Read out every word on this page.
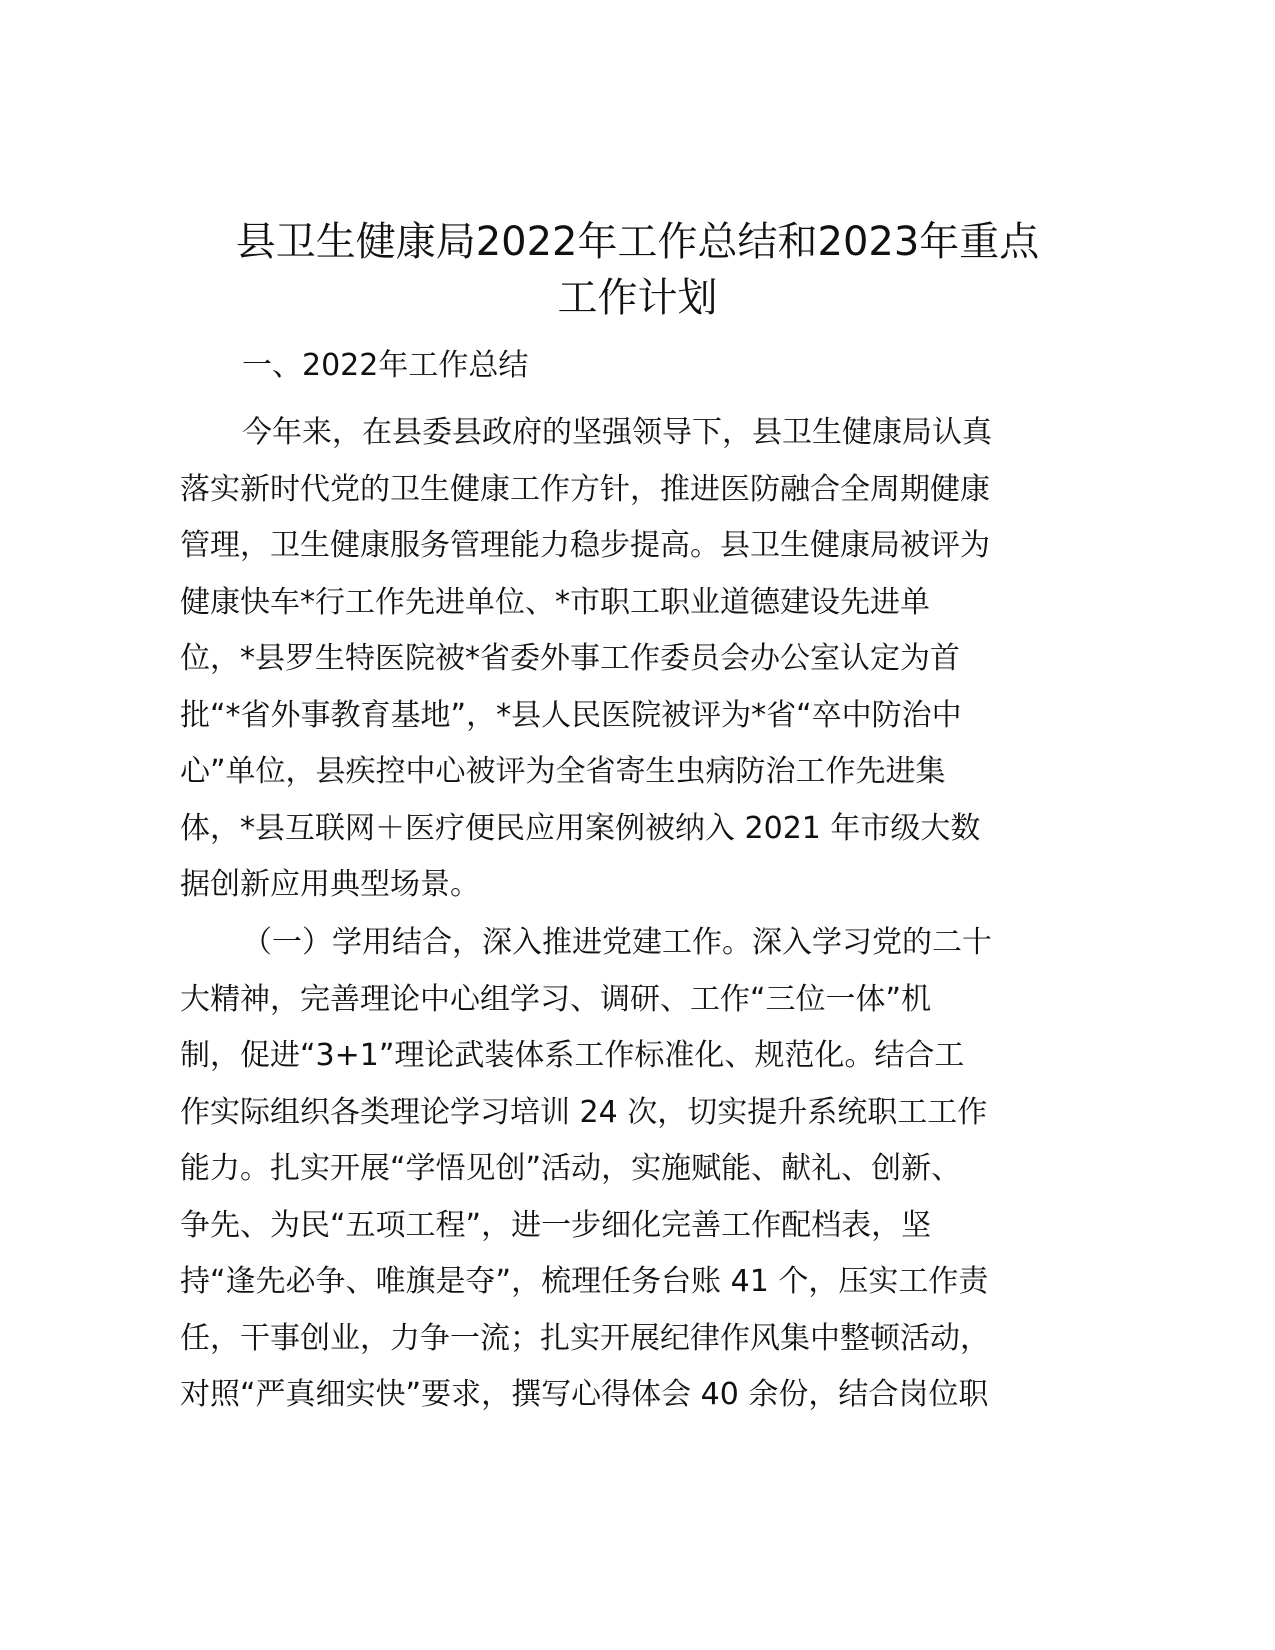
县卫生健康局2022年工作总结和2023年重点
工作计划
一、2022年工作总结
今年来，在县委县政府的坚强领导下，县卫生健康局认真
落实新时代党的卫生健康工作方针，推进医防融合全周期健康
管理，卫生健康服务管理能力稳步提高。县卫生健康局被评为
健康快车*行工作先进单位、*市职工职业道德建设先进单
位，*县罗生特医院被*省委外事工作委员会办公室认定为首
批“*省外事教育基地”，*县人民医院被评为*省“卒中防治中
心”单位，县疾控中心被评为全省寄生虫病防治工作先进集
体，*县互联网＋医疗便民应用案例被纳入 2021 年市级大数
据创新应用典型场景。
（一）学用结合，深入推进党建工作。深入学习党的二十
大精神，完善理论中心组学习、调研、工作“三位一体”机
制，促进“3+1”理论武装体系工作标准化、规范化。结合工
作实际组织各类理论学习培训 24 次，切实提升系统职工工作
能力。扎实开展“学悟见创”活动，实施赋能、献礼、创新、
争先、为民“五项工程”，进一步细化完善工作配档表，坚
持“逢先必争、唯旗是夺”，梳理任务台账 41 个，压实工作责
任，干事创业，力争一流；扎实开展纪律作风集中整顿活动，
对照“严真细实快”要求，撰写心得体会 40 余份，结合岗位职
